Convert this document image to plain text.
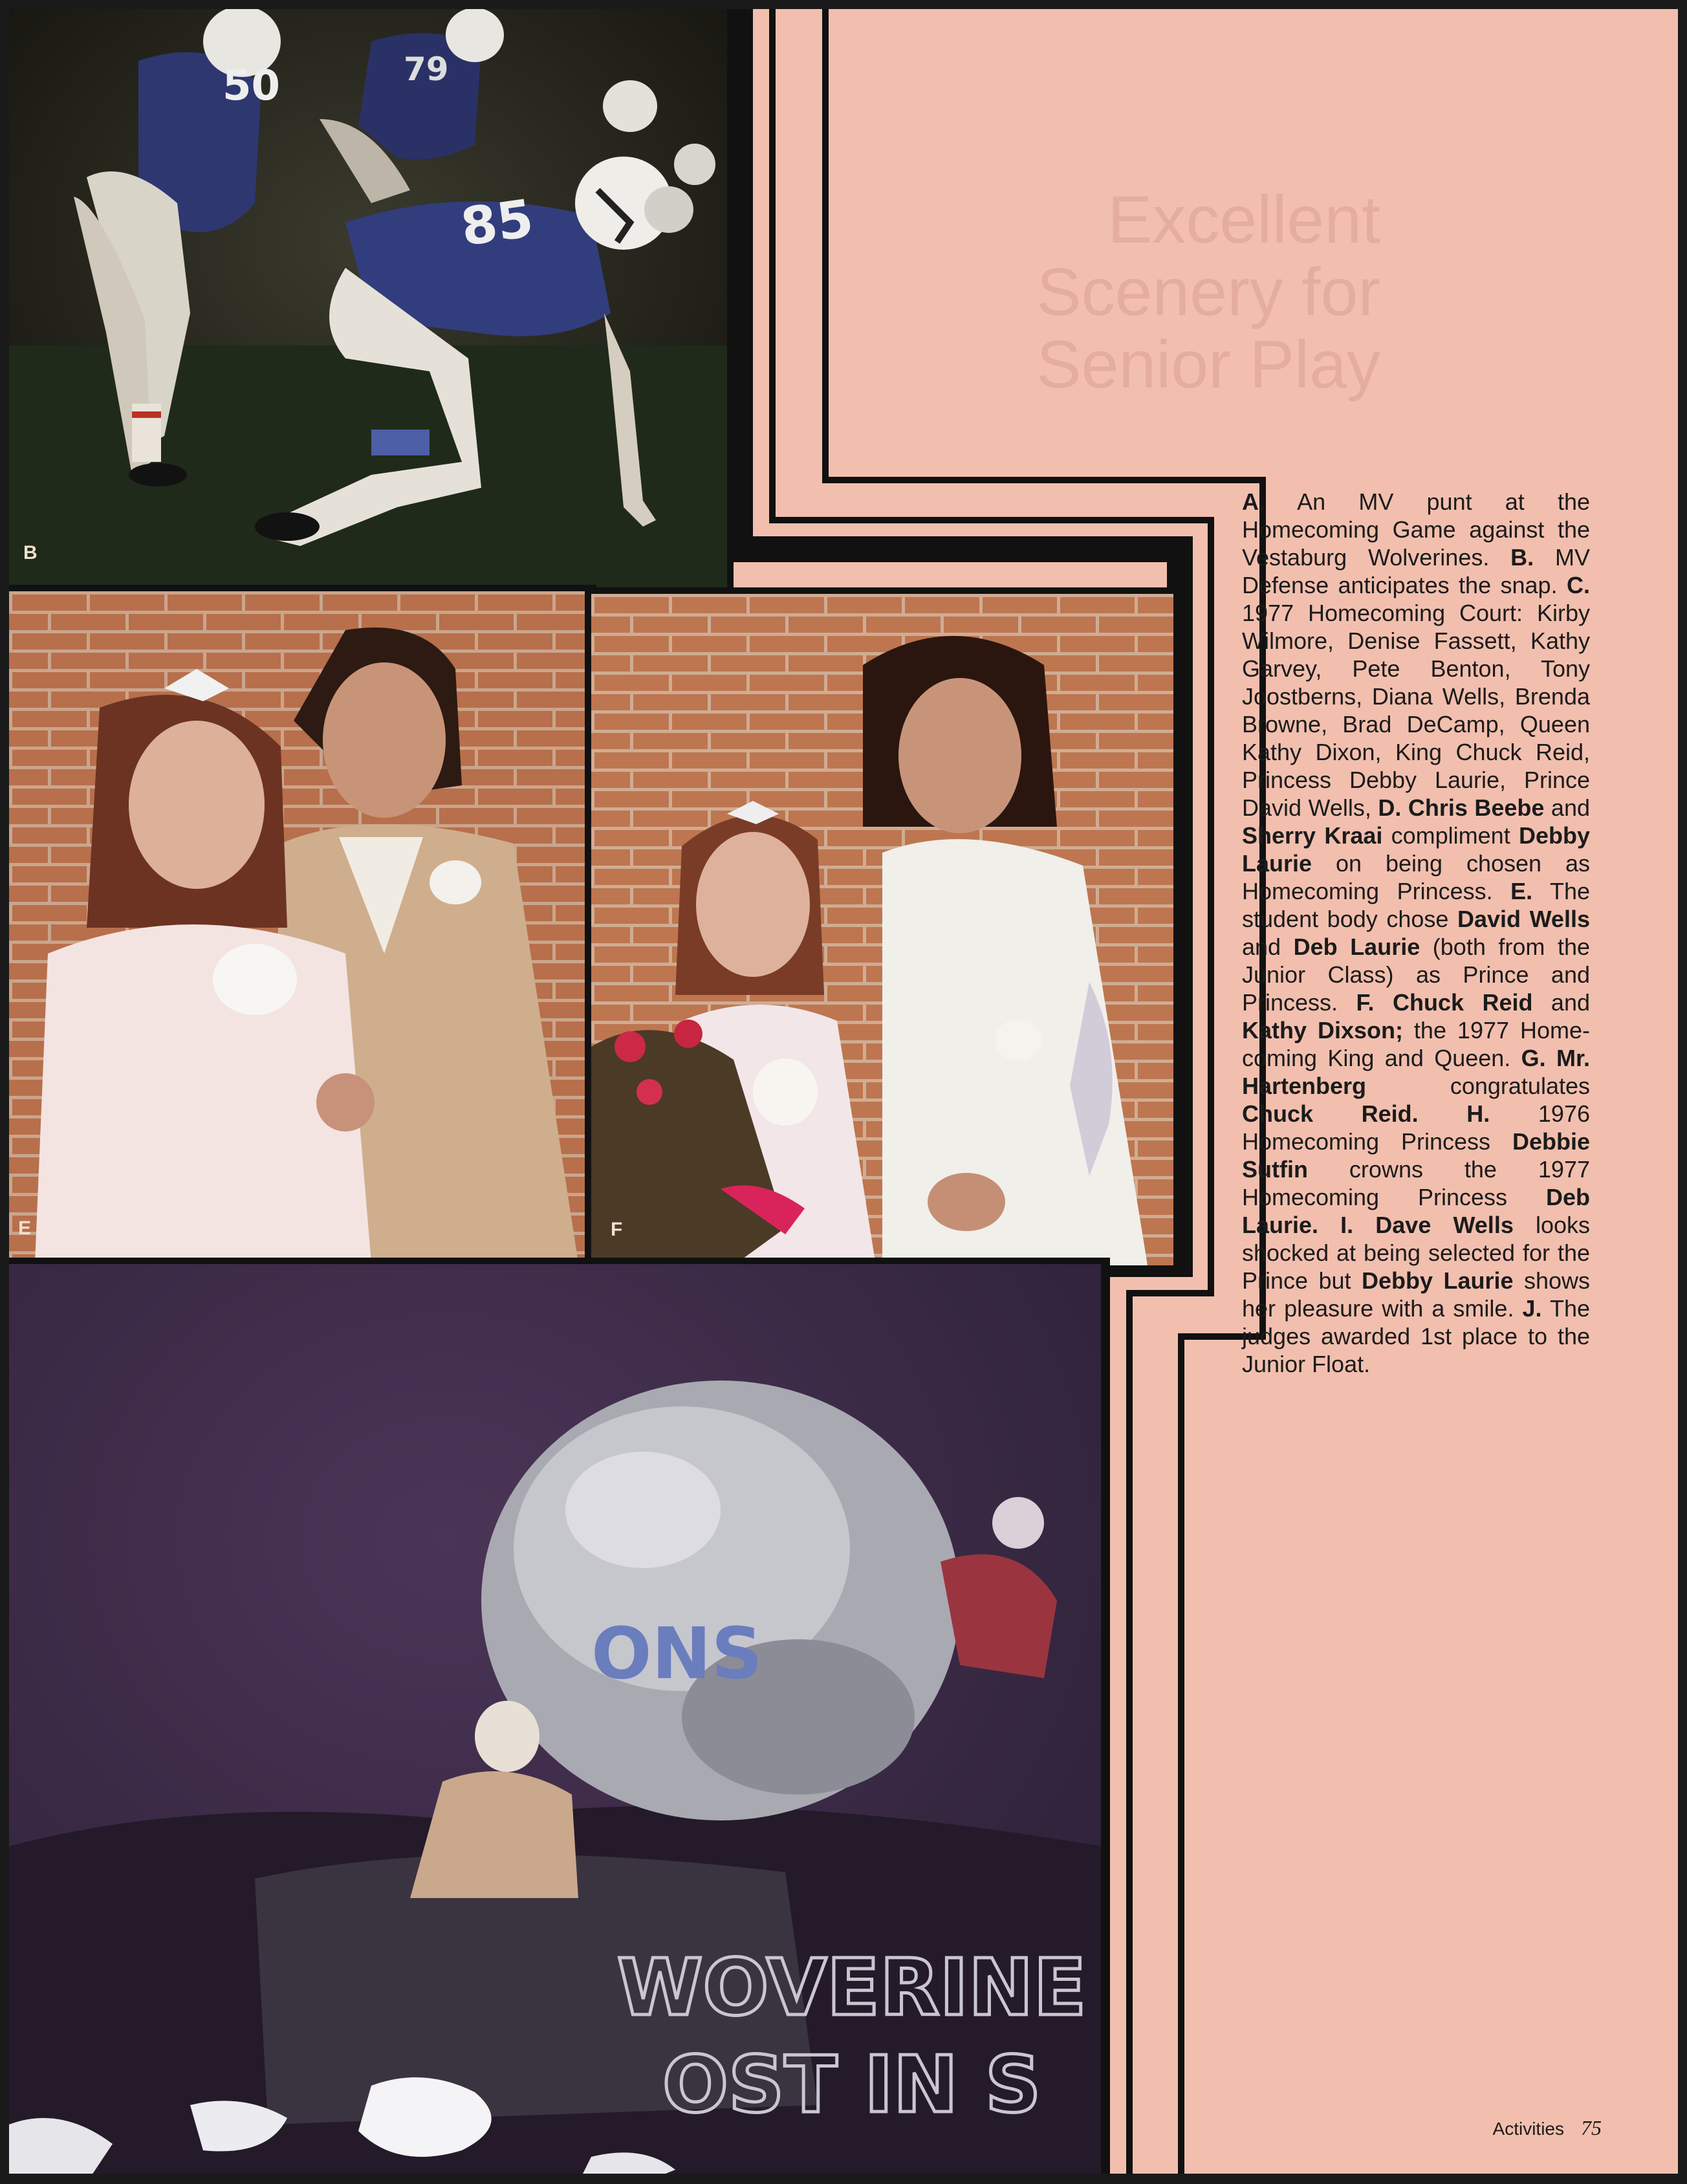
Excellent
Scenery for
Senior Play
50	79
85
B
E	F
ONS
WOVERINE
OST IN S
A. An MV punt at the Homecoming Game against the Vestaburg Wolverines. B. MV Defense anticipates the snap. C. 1977 Homecoming Court: Kirby Wilmore, Denise Fassett, Kathy Garvey, Pete Benton, Tony Joostberns, Diana Wells, Brenda Browne, Brad DeCamp, Queen Kathy Dixon, King Chuck Reid, Princess Debby Laurie, Prince David Wells, D. Chris Beebe and Sherry Kraai compliment Debby Laurie on being chosen as Homecoming Princess. E. The student body chose David Wells and Deb Laurie (both from the Junior Class) as Prince and Princess. F. Chuck Reid and Kathy Dixson; the 1977 Homecoming King and Queen. G. Mr. Hartenberg congratulates Chuck Reid. H. 1976 Homecoming Princess Debbie Sutfin crowns the 1977 Homecoming Princess Deb Laurie. I. Dave Wells looks shocked at being selected for the Prince but Debby Laurie shows her pleasure with a smile. J. The judges awarded 1st place to the Junior Float.
Activities 75
